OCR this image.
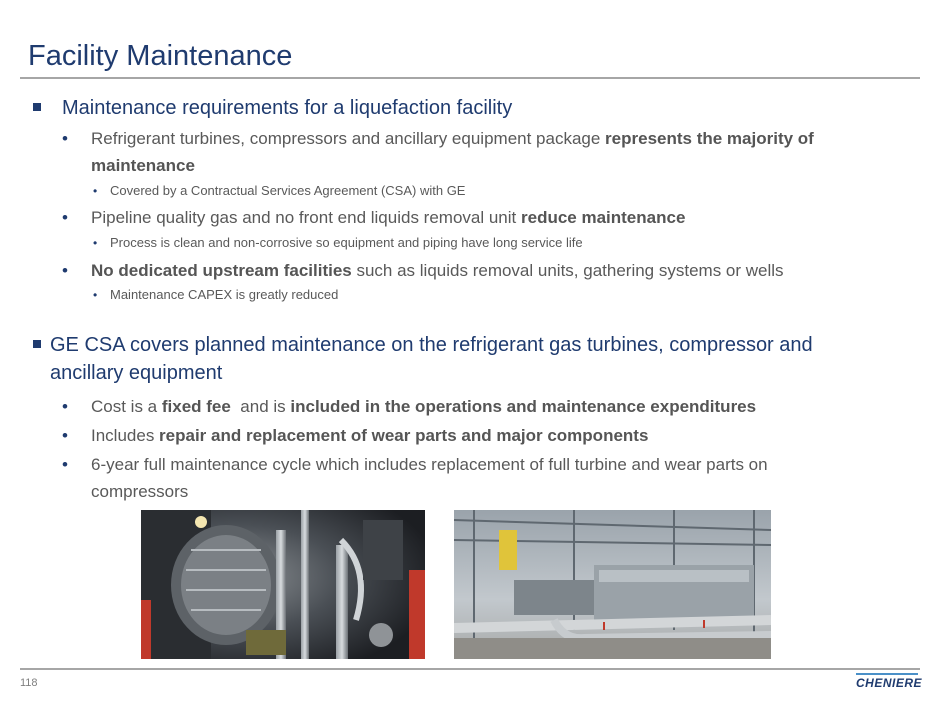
Facility Maintenance
Maintenance requirements for a liquefaction facility
• Refrigerant turbines, compressors and ancillary equipment package represents the majority of
maintenance
• Covered by a Contractual Services Agreement (CSA) with GE
• Pipeline quality gas and no front end liquids removal unit reduce maintenance
• Process is clean and non-corrosive so equipment and piping have long service life
• No dedicated upstream facilities such as liquids removal units, gathering systems or wells
• Maintenance CAPEX is greatly reduced
GE CSA covers planned maintenance on the refrigerant gas turbines, compressor and
ancillary equipment
• Cost is a fixed fee  and is included in the operations and maintenance expenditures
• Includes repair and replacement of wear parts and major components
• 6-year full maintenance cycle which includes replacement of full turbine and wear parts on
compressors
118	CHENIERE
